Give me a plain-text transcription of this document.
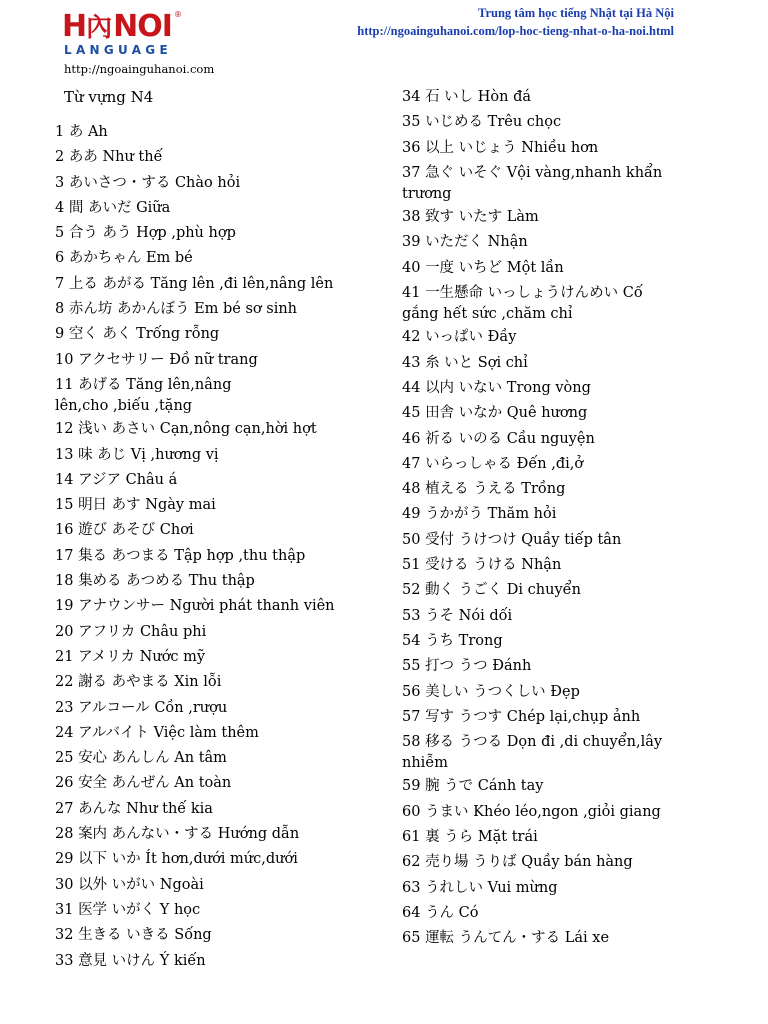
H內NOI ®
LANGUAGE
http://ngoainguhanoi.com
Trung tâm học tiếng Nhật tại Hà Nội
http://ngoainguhanoi.com/lop-hoc-tieng-nhat-o-ha-noi.html
Từ vựng N4
1 あ Ah
2 ああ Như thế
3 あいさつ・する Chào hỏi
4 間 あいだ Giữa
5 合う あう Hợp ,phù hợp
6 あかちゃん Em bé
7 上る あがる Tăng lên ,đi lên,nâng lên
8 赤ん坊 あかんぼう Em bé sơ sinh
9 空く あく Trống rỗng
10 アクセサリー Đồ nữ trang
11 あげる Tăng lên,nâng
lên,cho ,biếu ,tặng
12 浅い あさい Cạn,nông cạn,hời hợt
13 味 あじ Vị ,hương vị
14 アジア Châu á
15 明日 あす Ngày mai
16 遊び あそび Chơi
17 集る あつまる Tập hợp ,thu thập
18 集める あつめる Thu thập
19 アナウンサー Người phát thanh viên
20 アフリカ Châu phi
21 アメリカ Nước mỹ
22 謝る あやまる Xin lỗi
23 アルコール Cồn ,rượu
24 アルバイト Việc làm thêm
25 安心 あんしん An tâm
26 安全 あんぜん An toàn
27 あんな Như thế kia
28 案内 あんない・する Hướng dẫn
29 以下 いか Ít hơn,dưới mức,dưới
30 以外 いがい Ngoài
31 医学 いがく Y học
32 生きる いきる Sống
33 意見 いけん Ý kiến
34 石 いし Hòn đá
35 いじめる Trêu chọc
36 以上 いじょう Nhiều hơn
37 急ぐ いそぐ Vội vàng,nhanh khẩn
trương
38 致す いたす Làm
39 いただく Nhận
40 一度 いちど Một lần
41 一生懸命 いっしょうけんめい Cố
gắng hết sức ,chăm chỉ
42 いっぱい Đầy
43 糸 いと Sợi chỉ
44 以内 いない Trong vòng
45 田舎 いなか Quê hương
46 祈る いのる Cầu nguyện
47 いらっしゃる Đến ,đi,ở
48 植える うえる Trồng
49 うかがう Thăm hỏi
50 受付 うけつけ Quầy tiếp tân
51 受ける うける Nhận
52 動く うごく Di chuyển
53 うそ Nói dối
54 うち Trong
55 打つ うつ Đánh
56 美しい うつくしい Đẹp
57 写す うつす Chép lại,chụp ảnh
58 移る うつる Dọn đi ,di chuyển,lây
nhiễm
59 腕 うで Cánh tay
60 うまい Khéo léo,ngon ,giỏi giang
61 裏 うら Mặt trái
62 売り場 うりば Quầy bán hàng
63 うれしい Vui mừng
64 うん Có
65 運転 うんてん・する Lái xe
